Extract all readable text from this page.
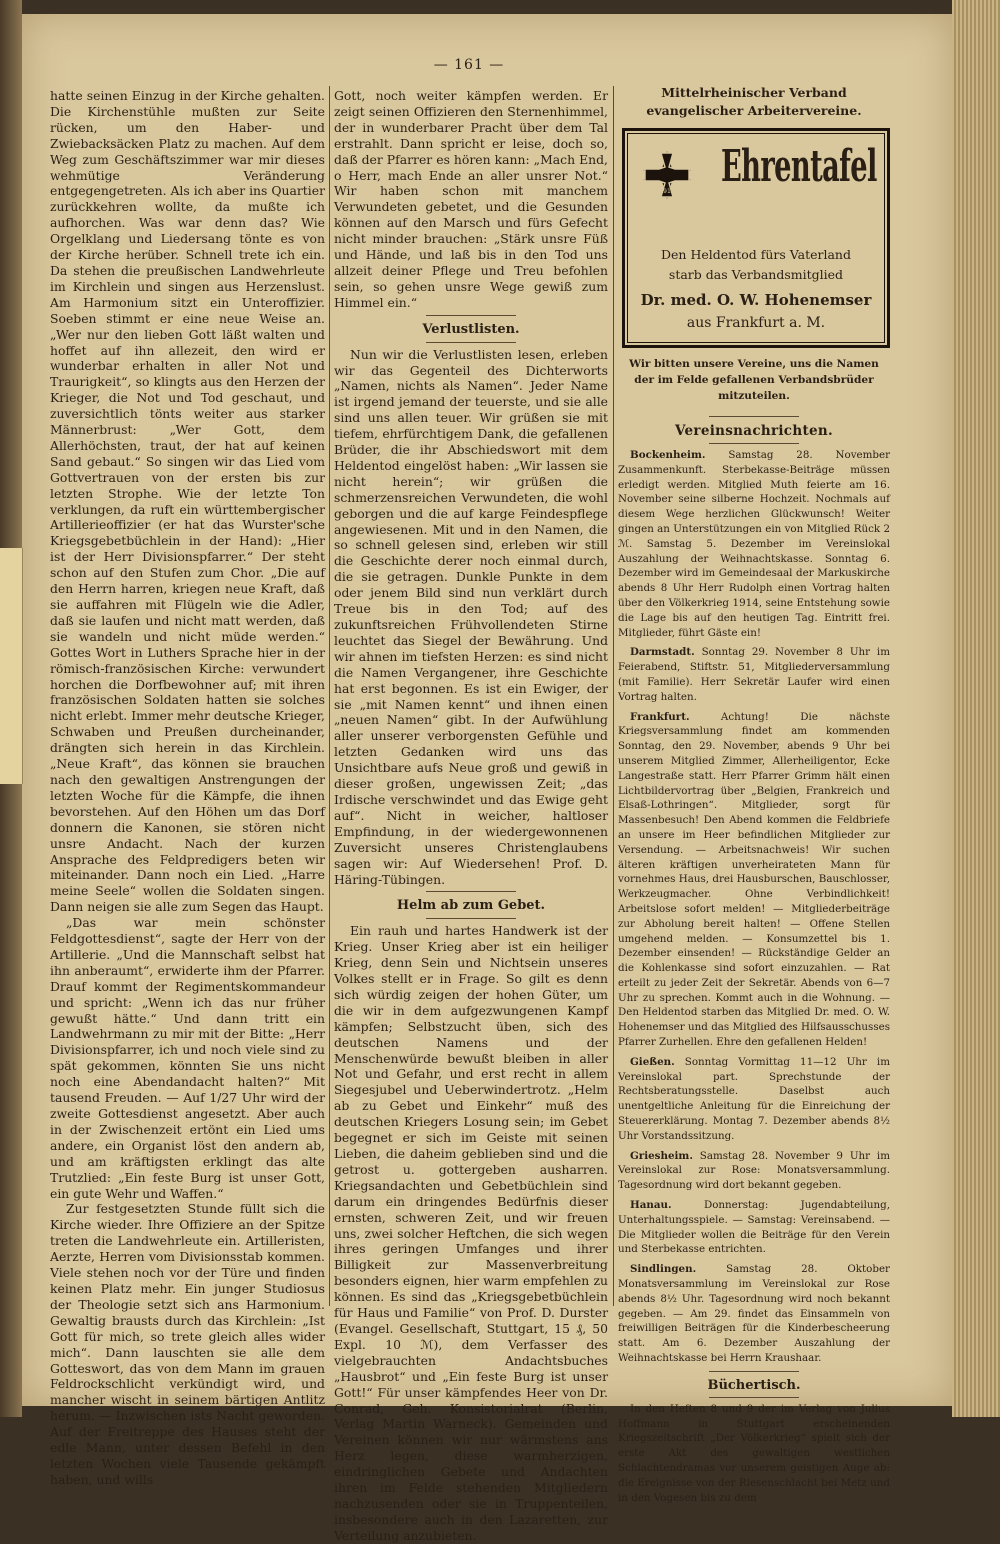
— 161 —

hatte seinen Einzug in der Kirche gehalten. Die Kirchenstühle mußten zur Seite rücken, um den Haber- und Zwiebacksäcken Platz zu machen. Auf dem Weg zum Geschäftszimmer war mir dieses wehmütige Veränderung entgegengetreten. Als ich aber ins Quartier zurückkehren wollte, da mußte ich aufhorchen. Was war denn das? Wie Orgelklang und Liedersang tönte es von der Kirche herüber. Schnell trete ich ein. Da stehen die preußischen Landwehrleute im Kirchlein und singen aus Herzenslust. Am Harmonium sitzt ein Unteroffizier. Soeben stimmt er eine neue Weise an. „Wer nur den lieben Gott läßt walten und hoffet auf ihn allezeit, den wird er wunderbar erhalten in aller Not und Traurigkeit“, so klingts aus den Herzen der Krieger, die Not und Tod geschaut, und zuversichtlich tönts weiter aus starker Männerbrust: „Wer Gott, dem Allerhöchsten, traut, der hat auf keinen Sand gebaut.“ So singen wir das Lied vom Gottvertrauen von der ersten bis zur letzten Strophe. Wie der letzte Ton verklungen, da ruft ein württembergischer Artillerieoffizier (er hat das Wurster'sche Kriegsgebetbüchlein in der Hand): „Hier ist der Herr Divisionspfarrer.“ Der steht schon auf den Stufen zum Chor. „Die auf den Herrn harren, kriegen neue Kraft, daß sie auffahren mit Flügeln wie die Adler, daß sie laufen und nicht matt werden, daß sie wandeln und nicht müde werden.“ Gottes Wort in Luthers Sprache hier in der römisch-französischen Kirche: verwundert horchen die Dorfbewohner auf; mit ihren französischen Soldaten hatten sie solches nicht erlebt. Immer mehr deutsche Krieger, Schwaben und Preußen durcheinander, drängten sich herein in das Kirchlein. „Neue Kraft“, das können sie brauchen nach den gewaltigen Anstrengungen der letzten Woche für die Kämpfe, die ihnen bevorstehen. Auf den Höhen um das Dorf donnern die Kanonen, sie stören nicht unsre Andacht. Nach der kurzen Ansprache des Feldpredigers beten wir miteinander. Dann noch ein Lied. „Harre meine Seele“ wollen die Soldaten singen. Dann neigen sie alle zum Segen das Haupt.

„Das war mein schönster Feldgottesdienst“, sagte der Herr von der Artillerie. „Und die Mannschaft selbst hat ihn anberaumt“, erwiderte ihm der Pfarrer. Drauf kommt der Regimentskommandeur und spricht: „Wenn ich das nur früher gewußt hätte.“ Und dann tritt ein Landwehrmann zu mir mit der Bitte: „Herr Divisionspfarrer, ich und noch viele sind zu spät gekommen, könnten Sie uns nicht noch eine Abendandacht halten?“ Mit tausend Freuden. — Auf 1/27 Uhr wird der zweite Gottesdienst angesetzt. Aber auch in der Zwischenzeit ertönt ein Lied ums andere, ein Organist löst den andern ab, und am kräftigsten erklingt das alte Trutzlied: „Ein feste Burg ist unser Gott, ein gute Wehr und Waffen.“

Zur festgesetzten Stunde füllt sich die Kirche wieder. Ihre Offiziere an der Spitze treten die Landwehrleute ein. Artilleristen, Aerzte, Herren vom Divisionsstab kommen. Viele stehen noch vor der Türe und finden keinen Platz mehr. Ein junger Studiosus der Theologie setzt sich ans Harmonium. Gewaltig brausts durch das Kirchlein: „Ist Gott für mich, so trete gleich alles wider mich“. Dann lauschten sie alle dem Gotteswort, das von dem Mann im grauen Feldrockschlicht verkündigt wird, und mancher wischt in seinem bärtigen Antlitz herum. — Inzwischen ists Nacht geworden. Auf der Freitreppe des Hauses steht der edle Mann, unter dessen Befehl in den letzten Wochen viele Tausende gekämpft haben, und wills

Gott, noch weiter kämpfen werden. Er zeigt seinen Offizieren den Sternenhimmel, der in wunderbarer Pracht über dem Tal erstrahlt. Dann spricht er leise, doch so, daß der Pfarrer es hören kann: „Mach End, o Herr, mach Ende an aller unsrer Not.“ Wir haben schon mit manchem Verwundeten gebetet, und die Gesunden können auf den Marsch und fürs Gefecht nicht minder brauchen: „Stärk unsre Füß und Hände, und laß bis in den Tod uns allzeit deiner Pflege und Treu befohlen sein, so gehen unsre Wege gewiß zum Himmel ein.“

Verlustlisten.

Nun wir die Verlustlisten lesen, erleben wir das Gegenteil des Dichterworts „Namen, nichts als Namen“. Jeder Name ist irgend jemand der teuerste, und sie alle sind uns allen teuer. Wir grüßen sie mit tiefem, ehrfürchtigem Dank, die gefallenen Brüder, die ihr Abschiedswort mit dem Heldentod eingelöst haben: „Wir lassen sie nicht herein“; wir grüßen die schmerzensreichen Verwundeten, die wohl geborgen und die auf karge Feindespflege angewiesenen. Mit und in den Namen, die so schnell gelesen sind, erleben wir still die Geschichte derer noch einmal durch, die sie getragen. Dunkle Punkte in dem oder jenem Bild sind nun verklärt durch Treue bis in den Tod; auf des zukunftsreichen Frühvollendeten Stirne leuchtet das Siegel der Bewährung. Und wir ahnen im tiefsten Herzen: es sind nicht die Namen Vergangener, ihre Geschichte hat erst begonnen. Es ist ein Ewiger, der sie „mit Namen kennt“ und ihnen einen „neuen Namen“ gibt. In der Aufwühlung aller unserer verborgensten Gefühle und letzten Gedanken wird uns das Unsichtbare aufs Neue groß und gewiß in dieser großen, ungewissen Zeit; „das Irdische verschwindet und das Ewige geht auf“. Nicht in weicher, haltloser Empfindung, in der wiedergewonnenen Zuversicht unseres Christenglaubens sagen wir: Auf Wiedersehen! Prof. D. Häring-Tübingen.

Helm ab zum Gebet.

Ein rauh und hartes Handwerk ist der Krieg. Unser Krieg aber ist ein heiliger Krieg, denn Sein und Nichtsein unseres Volkes stellt er in Frage. So gilt es denn sich würdig zeigen der hohen Güter, um die wir in dem aufgezwungenen Kampf kämpfen; Selbstzucht üben, sich des deutschen Namens und der Menschenwürde bewußt bleiben in aller Not und Gefahr, und erst recht in allem Siegesjubel und Ueberwindertrotz. „Helm ab zu Gebet und Einkehr“ muß des deutschen Kriegers Losung sein; im Gebet begegnet er sich im Geiste mit seinen Lieben, die daheim geblieben sind und die getrost u. gottergeben ausharren. Kriegsandachten und Gebetbüchlein sind darum ein dringendes Bedürfnis dieser ernsten, schweren Zeit, und wir freuen uns, zwei solcher Heftchen, die sich wegen ihres geringen Umfanges und ihrer Billigkeit zur Massenverbreitung besonders eignen, hier warm empfehlen zu können. Es sind das „Kriegsgebetbüchlein für Haus und Familie“ von Prof. D. Durster (Evangel. Gesellschaft, Stuttgart, 15 ₰, 50 Expl. 10 ℳ), dem Verfasser des vielgebrauchten Andachtsbuches „Hausbrot“ und „Ein feste Burg ist unser Gott!“ Für unser kämpfendes Heer von Dr. Conrad, Geh. Konsistorialrat (Berlin, Verlag Martin Warneck). Gemeinden und Vereinen können wir nur wärmstens ans Herz legen, diese warmherzigen, eindringlichen Gebete und Andachten ihren im Felde stehenden Mitgliedern nachzusenden oder sie in Truppenteilen, insbesondere auch in den Lazaretten, zur Verteilung anzubieten.

Mittelrheinischer Verband evangelischer Arbeitervereine.
1914 Ehrentafel
Den Heldentod fürs Vaterland
starb das Verbandsmitglied
Dr. med. O. W. Hohenemser
aus Frankfurt a. M.
Wir bitten unsere Vereine, uns die Namen der im Felde gefallenen Verbandsbrüder mitzuteilen.
Vereinsnachrichten.

Bockenheim. Samstag 28. November Zusammenkunft. Sterbekasse-Beiträge müssen erledigt werden. Mitglied Muth feierte am 16. November seine silberne Hochzeit. Nochmals auf diesem Wege herzlichen Glückwunsch! Weiter gingen an Unterstützungen ein von Mitglied Rück 2 ℳ. Samstag 5. Dezember im Vereinslokal Auszahlung der Weihnachtskasse. Sonntag 6. Dezember wird im Gemeindesaal der Markuskirche abends 8 Uhr Herr Rudolph einen Vortrag halten über den Völkerkrieg 1914, seine Entstehung sowie die Lage bis auf den heutigen Tag. Eintritt frei. Mitglieder, führt Gäste ein!

Darmstadt. Sonntag 29. November 8 Uhr im Feierabend, Stiftstr. 51, Mitgliederversammlung (mit Familie). Herr Sekretär Laufer wird einen Vortrag halten.

Frankfurt.	Achtung! Die nächste Kriegsversammlung findet am kommenden Sonntag, den 29. November, abends 9 Uhr bei unserem Mitglied Zimmer, Allerheiligentor, Ecke Langestraße statt. Herr Pfarrer Grimm hält einen Lichtbildervortrag über „Belgien, Frankreich und Elsaß-Lothringen“. Mitglieder, sorgt für Massenbesuch! Den Abend kommen die Feldbriefe an unsere im Heer befindlichen Mitglieder zur Versendung. — Arbeitsnachweis! Wir suchen älteren kräftigen unverheirateten Mann für vornehmes Haus, drei Hausburschen, Bauschlosser, Werkzeugmacher. Ohne Verbindlichkeit! Arbeitslose sofort melden! — Mitgliederbeiträge zur Abholung bereit halten! — Offene Stellen umgehend melden. — Konsumzettel bis 1. Dezember einsenden! — Rückständige Gelder an die Kohlenkasse sind sofort einzuzahlen. — Rat erteilt zu jeder Zeit der Sekretär. Abends von 6—7 Uhr zu sprechen. Kommt auch in die Wohnung. — Den Heldentod starben das Mitglied Dr. med. O. W. Hohenemser und das Mitglied des Hilfsausschusses Pfarrer Zurhellen. Ehre den gefallenen Helden!

Gießen. Sonntag Vormittag 11—12 Uhr im Vereinslokal part. Sprechstunde der Rechtsberatungsstelle. Daselbst auch unentgeltliche Anleitung für die Einreichung der Steuererklärung. Montag 7. Dezember abends 8½ Uhr Vorstandssitzung.

Griesheim. Samstag 28. November 9 Uhr im Vereinslokal zur Rose: Monatsversammlung. Tagesordnung wird dort bekannt gegeben.

Hanau.	Donnerstag: Jugendabteilung, Unterhaltungsspiele. — Samstag: Vereinsabend. — Die Mitglieder wollen die Beiträge für den Verein und Sterbekasse entrichten.

Sindlingen.	Samstag 28. Oktober Monatsversammlung im Vereinslokal zur Rose abends 8½ Uhr. Tagesordnung wird noch bekannt gegeben. — Am 29. findet das Einsammeln von freiwilligen Beiträgen für die Kinderbescheerung statt. Am 6. Dezember Auszahlung der Weihnachtskasse bei Herrn Kraushaar.

Büchertisch.

In den Heften 8 und 9 der im Verlag von Julius Hoffmann in Stuttgart erscheinenden Kriegszeitschrift „Der Völkerkrieg“ spielt sich der erste Akt des gewaltigen westlichen Schlachtendramas vor unserem geistigen Auge ab: die Ereignisse von der Riesenschlacht bei Metz und in den Vogesen bis zu dem
